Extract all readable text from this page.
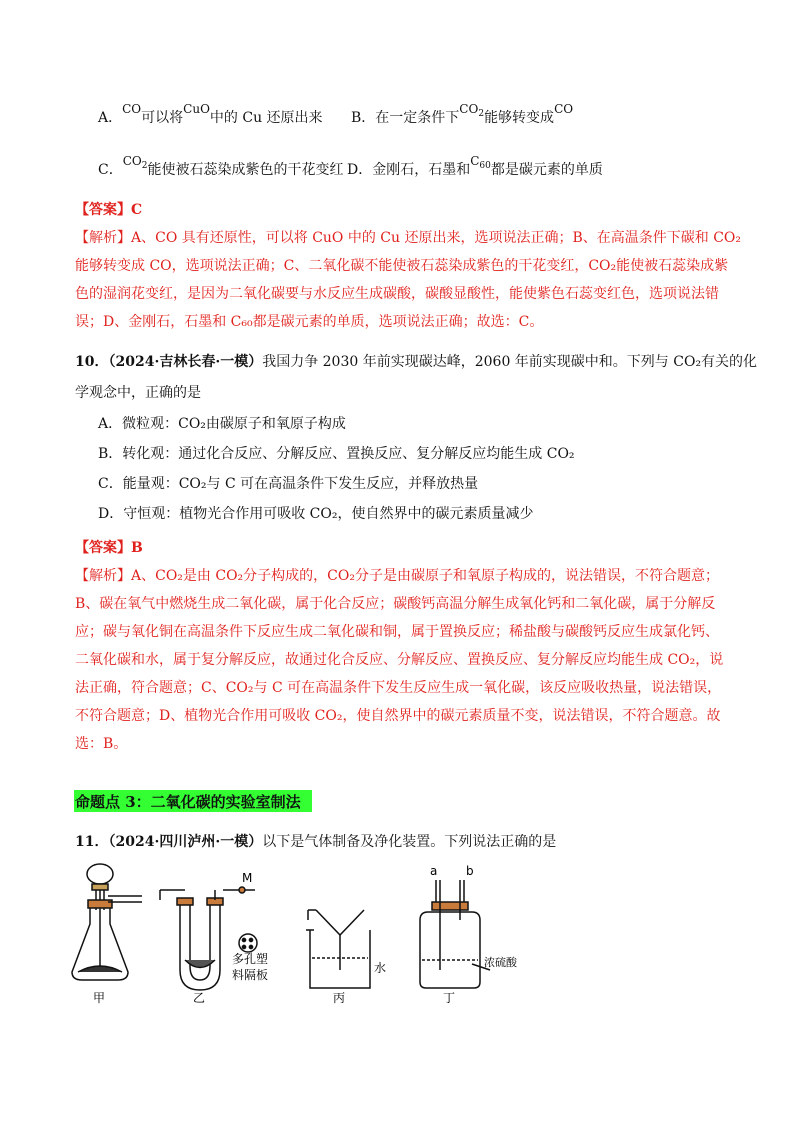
A．CO可以将CuO中的 Cu 还原出来 B．在一定条件下$CO_2$能够转变成CO
C．$CO_2$能使被石蕊染成紫色的干花变红 D．金刚石，石墨和$C_{60}$都是碳元素的单质
【答案】C
【解析】A、CO 具有还原性，可以将 CuO 中的 Cu 还原出来，选项说法正确；B、在高温条件下碳和 CO₂
能够转变成 CO，选项说法正确；C、二氧化碳不能使被石蕊染成紫色的干花变红，CO₂能使被石蕊染成紫
色的湿润花变红，是因为二氧化碳要与水反应生成碳酸，碳酸显酸性，能使紫色石蕊变红色，选项说法错
误；D、金刚石，石墨和 C₆₀都是碳元素的单质，选项说法正确；故选：C。
10．（2024·吉林长春·一模）我国力争 2030 年前实现碳达峰，2060 年前实现碳中和。下列与 CO₂有关的化
学观念中，正确的是
A．微粒观：CO₂由碳原子和氧原子构成
B．转化观：通过化合反应、分解反应、置换反应、复分解反应均能生成 CO₂
C．能量观：CO₂与 C 可在高温条件下发生反应，并释放热量
D．守恒观：植物光合作用可吸收 CO₂，使自然界中的碳元素质量减少
【答案】B
【解析】A、CO₂是由 CO₂分子构成的，CO₂分子是由碳原子和氧原子构成的，说法错误，不符合题意；
B、碳在氧气中燃烧生成二氧化碳，属于化合反应；碳酸钙高温分解生成氧化钙和二氧化碳，属于分解反
应；碳与氧化铜在高温条件下反应生成二氧化碳和铜，属于置换反应；稀盐酸与碳酸钙反应生成氯化钙、
二氧化碳和水，属于复分解反应，故通过化合反应、分解反应、置换反应、复分解反应均能生成 CO₂，说
法正确，符合题意；C、CO₂与 C 可在高温条件下发生反应生成一氧化碳，该反应吸收热量，说法错误，
不符合题意；D、植物光合作用可吸收 CO₂，使自然界中的碳元素质量不变，说法错误，不符合题意。故
选：B。
命题点 3：二氧化碳的实验室制法
11．（2024·四川泸州·一模）以下是气体制备及净化装置。下列说法正确的是
甲	乙	丙	丁
M
多孔塑
料隔板	水
a b
浓硫酸
